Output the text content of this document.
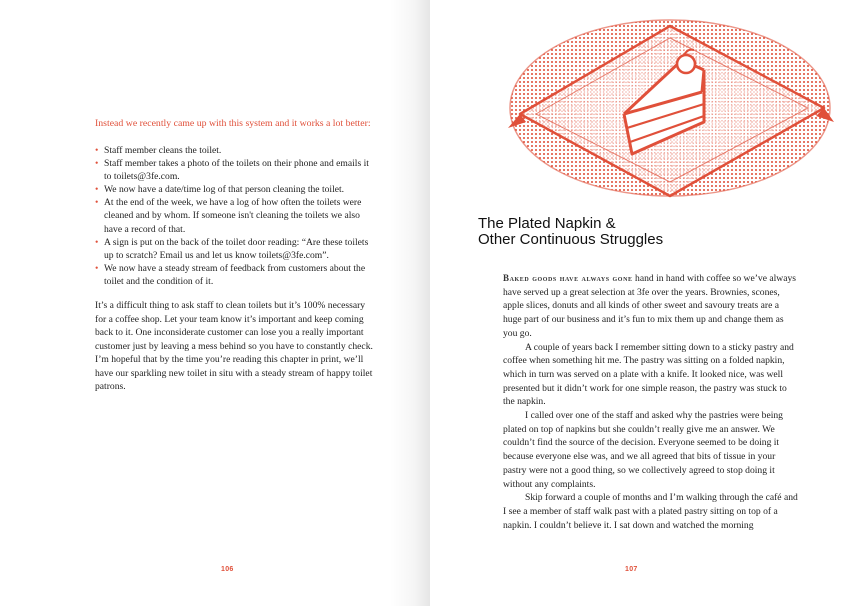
Instead we recently came up with this system and it works a lot better:

• Staff member cleans the toilet.
• Staff member takes a photo of the toilets on their phone and emails it to toilets@3fe.com.
• We now have a date/time log of that person cleaning the toilet.
• At the end of the week, we have a log of how often the toilets were cleaned and by whom. If someone isn't cleaning the toilets we also have a record of that.
• A sign is put on the back of the toilet door reading: “Are these toilets up to scratch? Email us and let us know toilets@3fe.com”.
• We now have a steady stream of feedback from customers about the toilet and the condition of it.

It’s a difficult thing to ask staff to clean toilets but it’s 100% necessary for a coffee shop. Let your team know it’s important and keep coming back to it. One inconsiderate customer can lose you a really important customer just by leaving a mess behind so you have to constantly check. I’m hopeful that by the time you’re reading this chapter in print, we’ll have our sparkling new toilet in situ with a steady stream of happy toilet patrons.

106
The Plated Napkin &
Other Continuous Struggles

Baked goods have always gone hand in hand with coffee so we’ve always have served up a great selection at 3fe over the years. Brownies, scones, apple slices, donuts and all kinds of other sweet and savoury treats are a huge part of our business and it’s fun to mix them up and change them as you go.

A couple of years back I remember sitting down to a sticky pastry and coffee when something hit me. The pastry was sitting on a folded napkin, which in turn was served on a plate with a knife. It looked nice, was well presented but it didn’t work for one simple reason, the pastry was stuck to the napkin.

I called over one of the staff and asked why the pastries were being plated on top of napkins but she couldn’t really give me an answer. We couldn’t find the source of the decision. Everyone seemed to be doing it because everyone else was, and we all agreed that bits of tissue in your pastry were not a good thing, so we collectively agreed to stop doing it without any complaints.

Skip forward a couple of months and I’m walking through the café and I see a member of staff walk past with a plated pastry sitting on top of a napkin. I couldn’t believe it. I sat down and watched the morning

107
